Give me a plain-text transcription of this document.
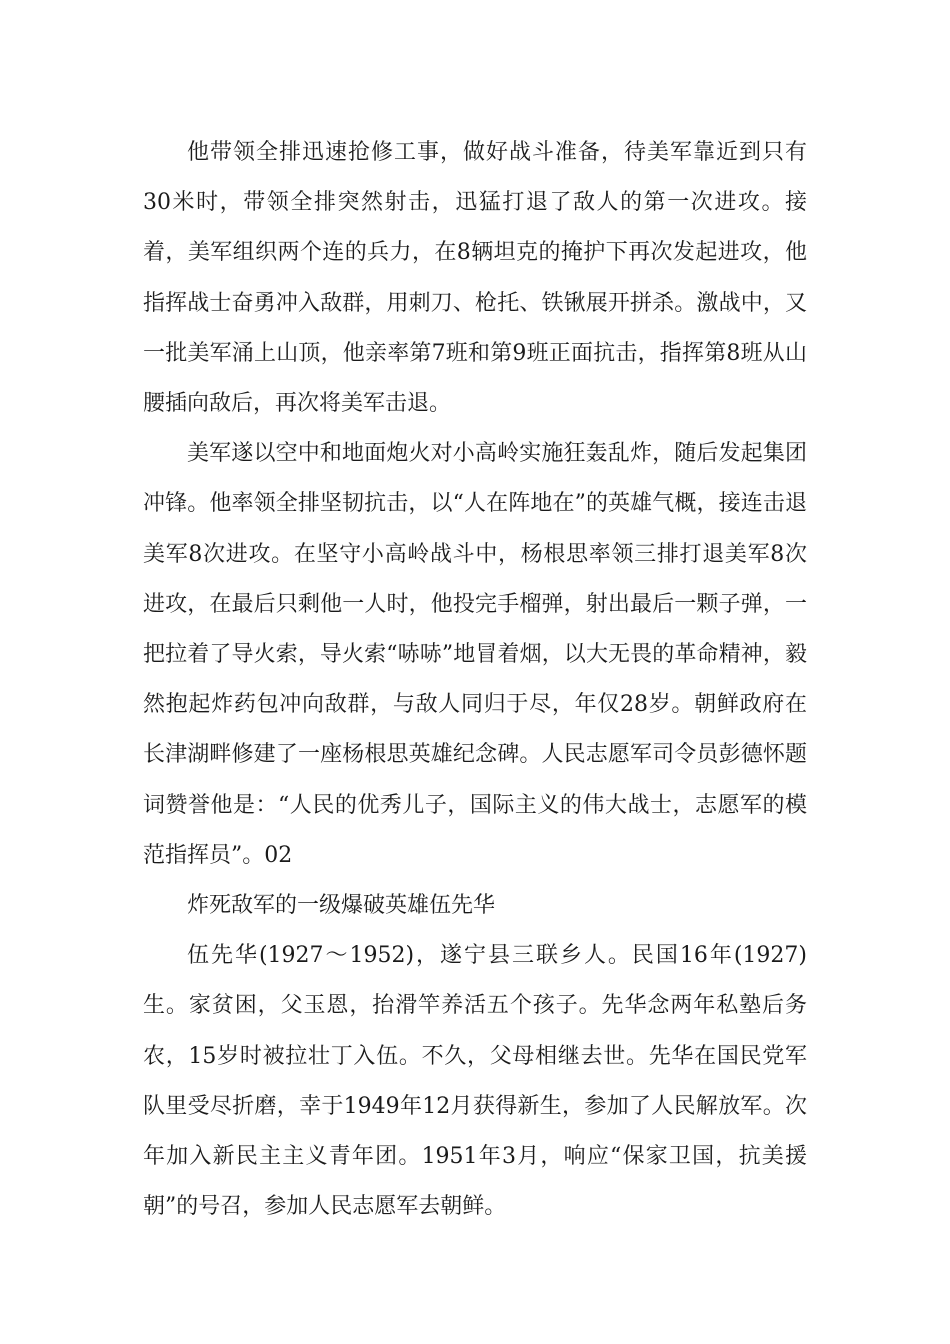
他带领全排迅速抢修工事，做好战斗准备，待美军靠近到只有30米时，带领全排突然射击，迅猛打退了敌人的第一次进攻。接着，美军组织两个连的兵力，在8辆坦克的掩护下再次发起进攻，他指挥战士奋勇冲入敌群，用刺刀、枪托、铁锹展开拼杀。激战中，又一批美军涌上山顶，他亲率第7班和第9班正面抗击，指挥第8班从山腰插向敌后，再次将美军击退。

美军遂以空中和地面炮火对小高岭实施狂轰乱炸，随后发起集团冲锋。他率领全排坚韧抗击，以“人在阵地在”的英雄气概，接连击退美军8次进攻。在坚守小高岭战斗中，杨根思率领三排打退美军8次进攻，在最后只剩他一人时，他投完手榴弹，射出最后一颗子弹，一把拉着了导火索，导火索“哧哧”地冒着烟，以大无畏的革命精神，毅然抱起炸药包冲向敌群，与敌人同归于尽，年仅28岁。朝鲜政府在长津湖畔修建了一座杨根思英雄纪念碑。人民志愿军司令员彭德怀题词赞誉他是：“人民的优秀儿子，国际主义的伟大战士，志愿军的模范指挥员”。02

炸死敌军的一级爆破英雄伍先华

伍先华(1927～1952)，遂宁县三联乡人。民国16年(1927)生。家贫困，父玉恩，抬滑竿养活五个孩子。先华念两年私塾后务农，15岁时被拉壮丁入伍。不久，父母相继去世。先华在国民党军队里受尽折磨，幸于1949年12月获得新生，参加了人民解放军。次年加入新民主主义青年团。1951年3月，响应“保家卫国，抗美援朝”的号召，参加人民志愿军去朝鲜。
